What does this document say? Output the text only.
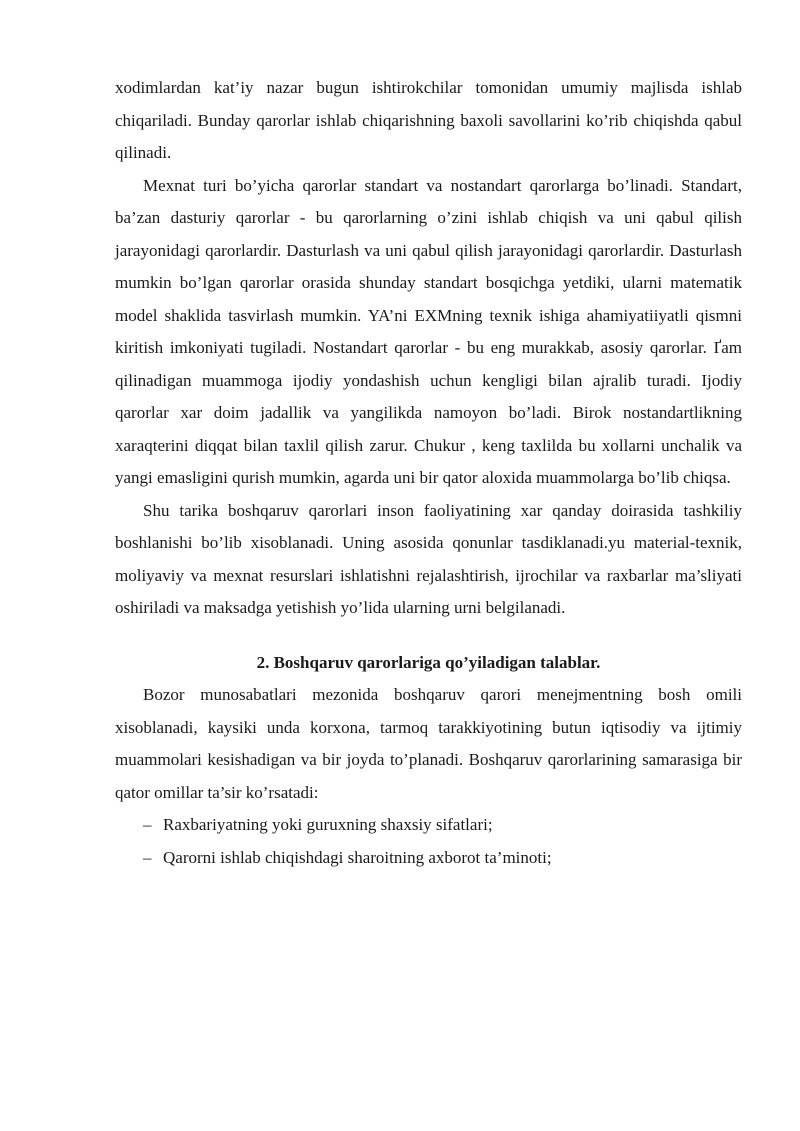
xodimlardan kat’iy nazar bugun ishtirokchilar tomonidan umumiy majlisda ishlab chiqariladi. Bunday qarorlar ishlab chiqarishning baxoli savollarini ko’rib chiqishda qabul qilinadi.

Mexnat turi bo’yicha qarorlar standart va nostandart qarorlarga bo’linadi. Standart, ba’zan dasturiy qarorlar - bu qarorlarning o’zini ishlab chiqish va uni qabul qilish jarayonidagi qarorlardir. Dasturlash va uni qabul qilish jarayonidagi qarorlardir. Dasturlash mumkin bo’lgan qarorlar orasida shunday standart bosqichga yetdiki, ularni matematik model shaklida tasvirlash mumkin. YA’ni EXMning texnik ishiga ahamiyatiiyatli qismni kiritish imkoniyati tugiladi. Nostandart qarorlar - bu eng murakkab, asosiy qarorlar. Ґam qilinadigan muammoga ijodiy yondashish uchun kengligi bilan ajralib turadi. Ijodiy qarorlar xar doim jadallik va yangilikda namoyon bo’ladi. Birok nostandartlikning xaraqterini diqqat bilan taxlil qilish zarur. Chukur , keng taxlilda bu xollarni unchalik va yangi emasligini qurish mumkin, agarda uni bir qator aloxida muammolarga bo’lib chiqsa.

Shu tarika boshqaruv qarorlari inson faoliyatining xar qanday doirasida tashkiliy boshlanishi bo’lib xisoblanadi. Uning asosida qonunlar tasdiklanadi.yu material-texnik, moliyaviy va mexnat resurslari ishlatishni rejalashtirish, ijrochilar va raxbarlar ma’sliyati oshiriladi va maksadga yetishish yo’lida ularning urni belgilanadi.

2. Boshqaruv qarorlariga qo’yiladigan talablar.

Bozor munosabatlari mezonida boshqaruv qarori menejmentning bosh omili xisoblanadi, kaysiki unda korxona, tarmoq tarakkiyotining butun iqtisodiy va ijtimiy muammolari kesishadigan va bir joyda to’planadi. Boshqaruv qarorlarining samarasiga bir qator omillar ta’sir ko’rsatadi:

– Raxbariyatning yoki guruxning shaxsiy sifatlari;
– Qarorni ishlab chiqishdagi sharoitning axborot ta’minoti;
